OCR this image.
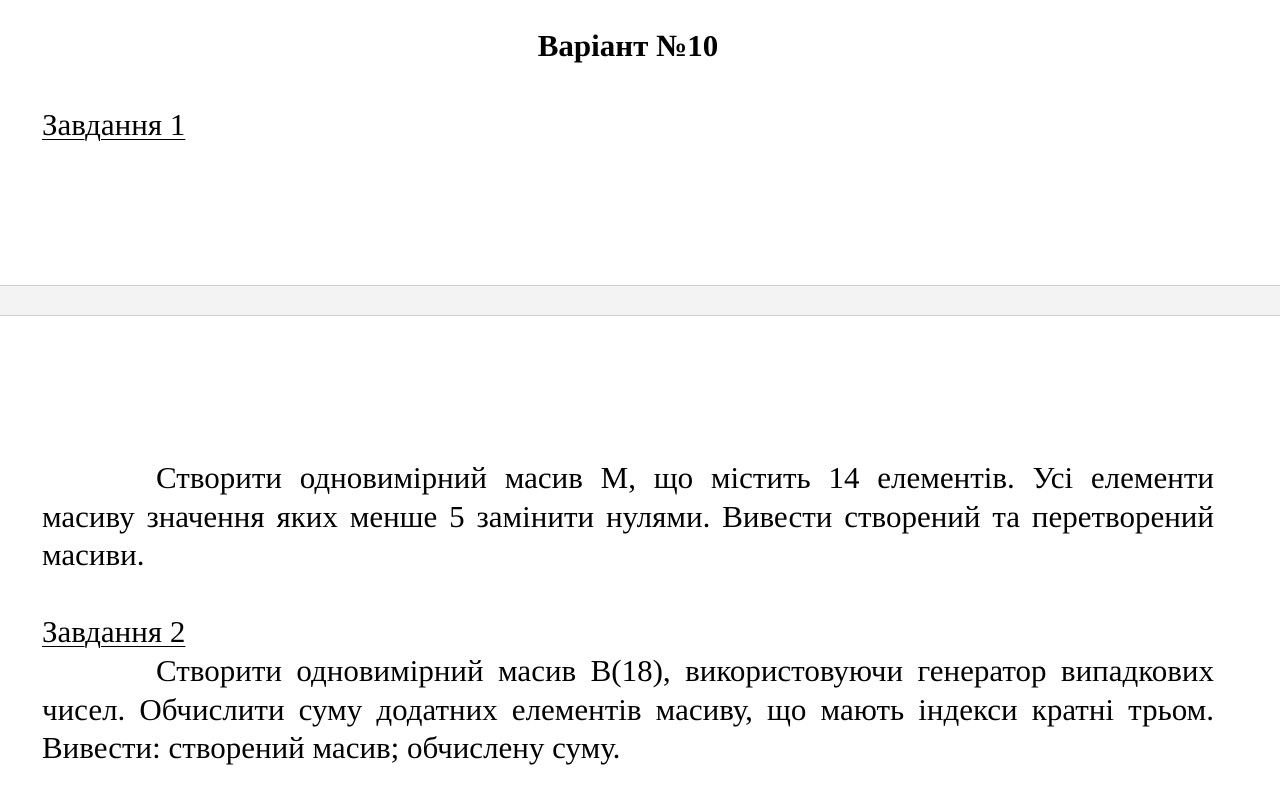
Варіант №10
Завдання 1

Створити одновимірний масив M, що містить 14 елементів. Усі елементи масиву значення яких менше 5 замінити нулями. Вивести створений та перетворений масиви.

Завдання 2

Створити одновимірний масив B(18), використовуючи генератор випадкових чисел. Обчислити суму додатних елементів масиву, що мають індекси кратні трьом. Вивести: створений масив; обчислену суму.
